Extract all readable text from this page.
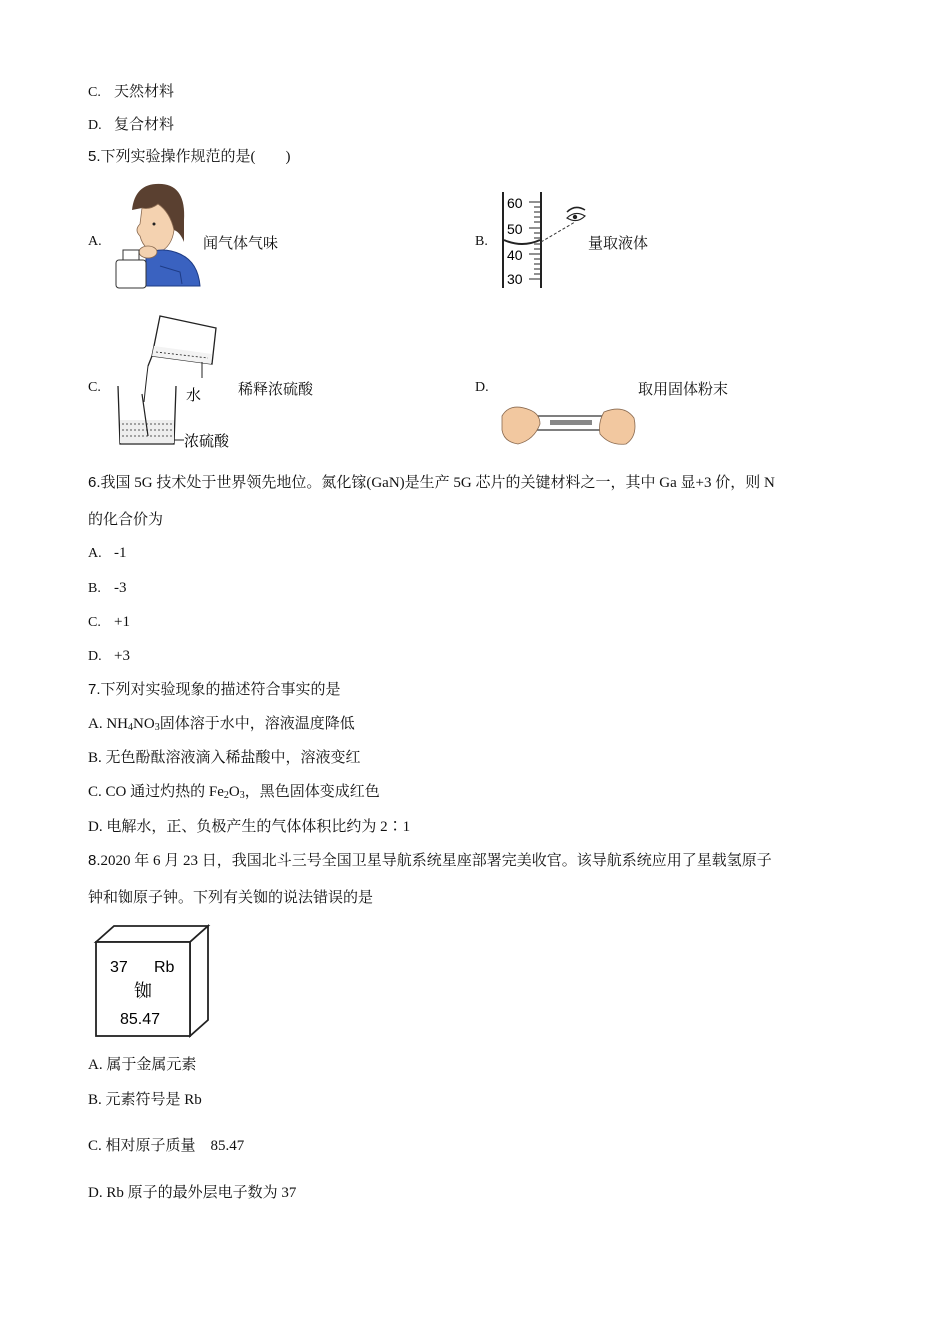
C. 天然材料
D. 复合材料
5.下列实验操作规范的是(　　)
A.	闻气体气味	B.
60
50
40
30
量取液体
C.	水
浓硫酸
稀释浓硫酸	D.	取用固体粉末
6.我国 5G 技术处于世界领先地位。氮化镓(GaN)是生产 5G 芯片的关键材料之一，其中 Ga 显+3 价，则 N
的化合价为
A. -1
B. -3
C. +1
D. +3
7.下列对实验现象的描述符合事实的是
A. $NH_4NO_3$固体溶于水中，溶液温度降低
B. 无色酚酞溶液滴入稀盐酸中，溶液变红
C. CO 通过灼热的 $Fe_2O_3$，黑色固体变成红色
D. 电解水，正、负极产生的气体体积比约为 2∶1
8.2020 年 6 月 23 日，我国北斗三号全国卫星导航系统星座部署完美收官。该导航系统应用了星载氢原子
钟和铷原子钟。下列有关铷的说法错误的是
37 Rb
铷
85.47
A. 属于金属元素
B. 元素符号是 Rb
C. 相对原子质量　85.47
D. Rb 原子的最外层电子数为 37
